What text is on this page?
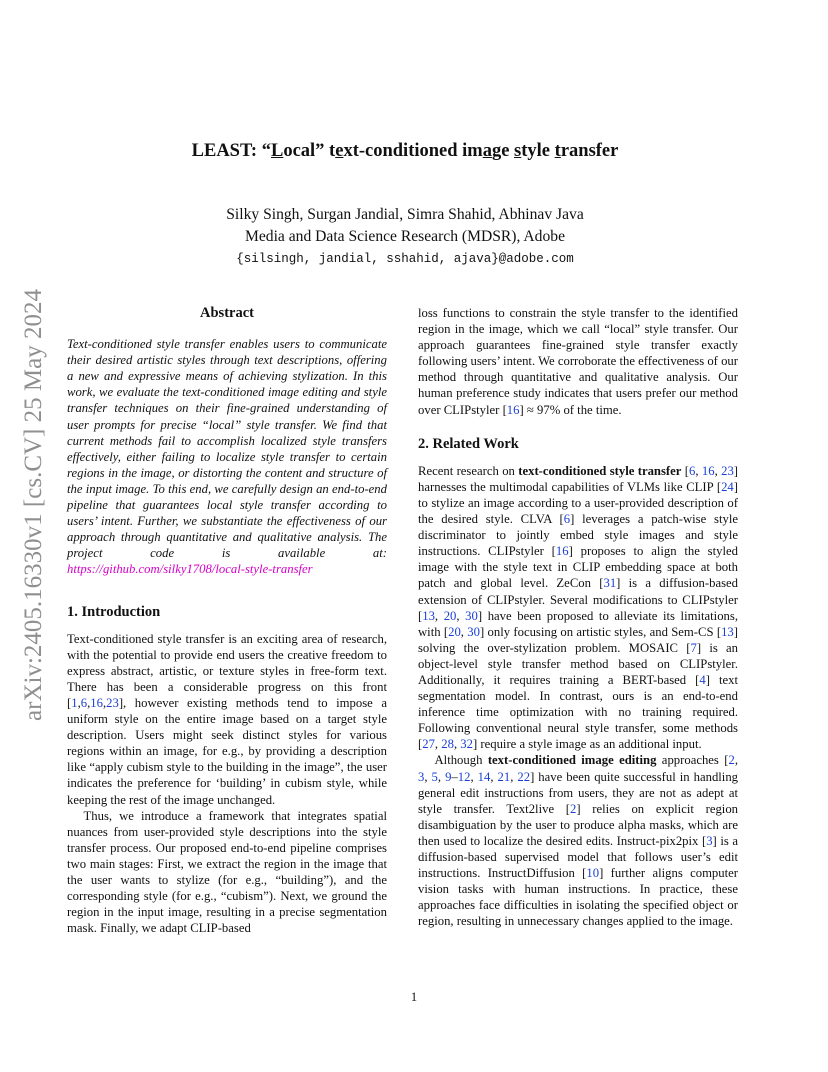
arXiv:2405.16330v1 [cs.CV] 25 May 2024
LEAST: “Local” text-conditioned image style transfer
Silky Singh, Surgan Jandial, Simra Shahid, Abhinav Java
Media and Data Science Research (MDSR), Adobe
{silsingh, jandial, sshahid, ajava}@adobe.com
Abstract

Text-conditioned style transfer enables users to communicate their desired artistic styles through text descriptions, offering a new and expressive means of achieving stylization. In this work, we evaluate the text-conditioned image editing and style transfer techniques on their fine-grained understanding of user prompts for precise “local” style transfer. We find that current methods fail to accomplish localized style transfers effectively, either failing to localize style transfer to certain regions in the image, or distorting the content and structure of the input image. To this end, we carefully design an end-to-end pipeline that guarantees local style transfer according to users’ intent. Further, we substantiate the effectiveness of our approach through quantitative and qualitative analysis. The project code is available at: https://github.com/silky1708/local-style-transfer

1. Introduction

Text-conditioned style transfer is an exciting area of research, with the potential to provide end users the creative freedom to express abstract, artistic, or texture styles in free-form text. There has been a considerable progress on this front [1,6,16,23], however existing methods tend to impose a uniform style on the entire image based on a target style description. Users might seek distinct styles for various regions within an image, for e.g., by providing a description like “apply cubism style to the building in the image”, the user indicates the preference for ‘building’ in cubism style, while keeping the rest of the image unchanged.

Thus, we introduce a framework that integrates spatial nuances from user-provided style descriptions into the style transfer process. Our proposed end-to-end pipeline comprises two main stages: First, we extract the region in the image that the user wants to stylize (for e.g., “building”), and the corresponding style (for e.g., “cubism”). Next, we ground the region in the input image, resulting in a precise segmentation mask. Finally, we adapt CLIP-based

loss functions to constrain the style transfer to the identified region in the image, which we call “local” style transfer. Our approach guarantees fine-grained style transfer exactly following users’ intent. We corroborate the effectiveness of our method through quantitative and qualitative analysis. Our human preference study indicates that users prefer our method over CLIPstyler [16] ≈ 97% of the time.

2. Related Work

Recent research on text-conditioned style transfer [6, 16, 23] harnesses the multimodal capabilities of VLMs like CLIP [24] to stylize an image according to a user-provided description of the desired style. CLVA [6] leverages a patch-wise style discriminator to jointly embed style images and style instructions. CLIPstyler [16] proposes to align the styled image with the style text in CLIP embedding space at both patch and global level. ZeCon [31] is a diffusion-based extension of CLIPstyler. Several modifications to CLIPstyler [13, 20, 30] have been proposed to alleviate its limitations, with [20, 30] only focusing on artistic styles, and Sem-CS [13] solving the over-stylization problem. MOSAIC [7] is an object-level style transfer method based on CLIPstyler. Additionally, it requires training a BERT-based [4] text segmentation model. In contrast, ours is an end-to-end inference time optimization with no training required. Following conventional neural style transfer, some methods [27, 28, 32] require a style image as an additional input.

Although text-conditioned image editing approaches [2, 3, 5, 9–12, 14, 21, 22] have been quite successful in handling general edit instructions from users, they are not as adept at style transfer. Text2live [2] relies on explicit region disambiguation by the user to produce alpha masks, which are then used to localize the desired edits. Instruct-pix2pix [3] is a diffusion-based supervised model that follows user’s edit instructions. InstructDiffusion [10] further aligns computer vision tasks with human instructions. In practice, these approaches face difficulties in isolating the specified object or region, resulting in unnecessary changes applied to the image.

1
